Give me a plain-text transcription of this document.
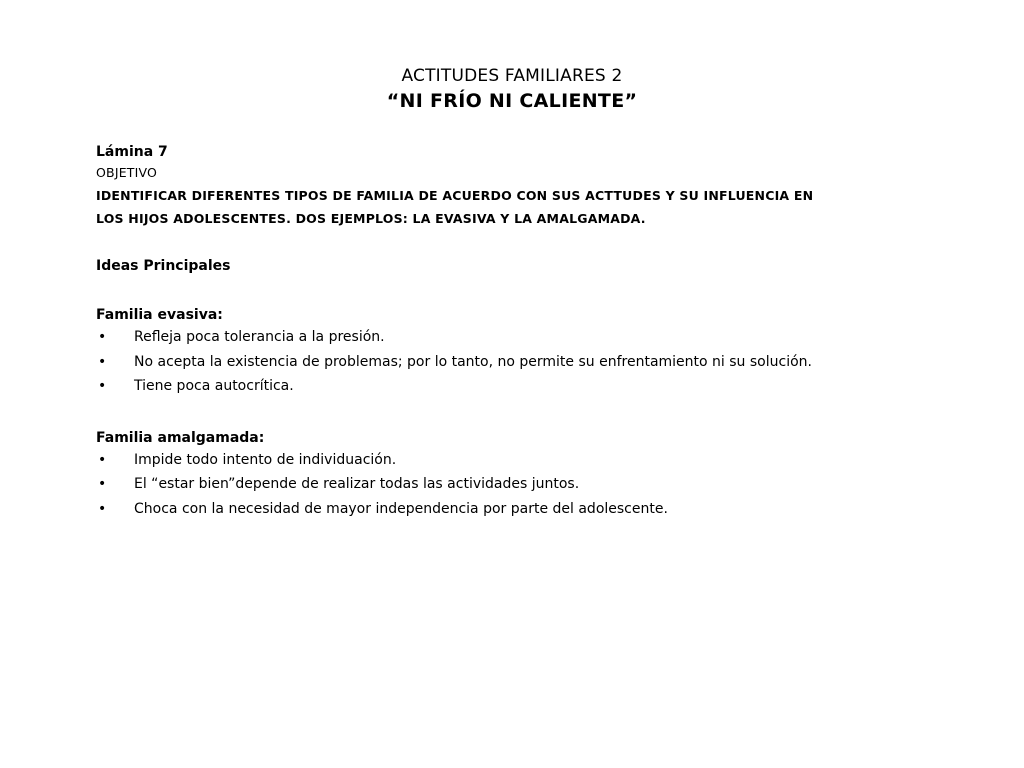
ACTITUDES FAMILIARES 2
“NI FRÍO NI CALIENTE”
Lámina 7
OBJETIVO
IDENTIFICAR DIFERENTES TIPOS DE FAMILIA DE ACUERDO CON SUS ACTTUDES Y SU INFLUENCIA EN LOS HIJOS ADOLESCENTES. DOS EJEMPLOS: LA EVASIVA Y LA AMALGAMADA.
Ideas Principales
Familia evasiva:
• Refleja poca tolerancia a la presión.
• No acepta la existencia de problemas; por lo tanto, no permite su enfrentamiento ni su solución.
• Tiene poca autocrítica.
Familia amalgamada:
• Impide todo intento de individuación.
• El “estar bien”depende de realizar todas las actividades juntos.
• Choca con la necesidad de mayor independencia por parte del adolescente.
